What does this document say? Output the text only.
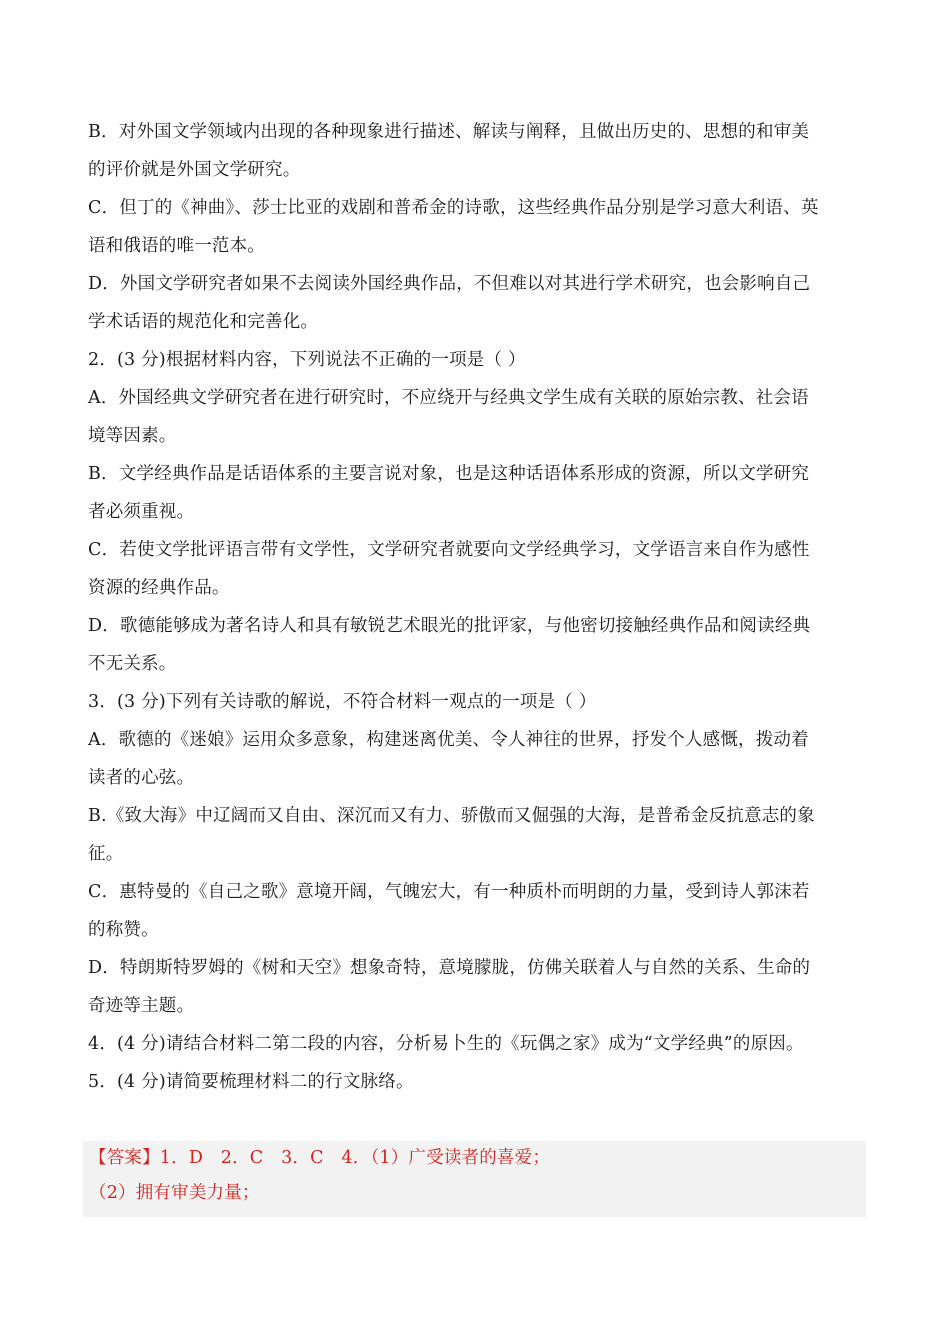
B．对外国文学领域内出现的各种现象进行描述、解读与阐释，且做出历史的、思想的和审美
的评价就是外国文学研究。
C．但丁的《神曲》、莎士比亚的戏剧和普希金的诗歌，这些经典作品分别是学习意大利语、英
语和俄语的唯一范本。
D．外国文学研究者如果不去阅读外国经典作品，不但难以对其进行学术研究，也会影响自己
学术话语的规范化和完善化。
2．(3 分)根据材料内容，下列说法不正确的一项是（ ）
A．外国经典文学研究者在进行研究时，不应绕开与经典文学生成有关联的原始宗教、社会语
境等因素。
B．文学经典作品是话语体系的主要言说对象，也是这种话语体系形成的资源，所以文学研究
者必须重视。
C．若使文学批评语言带有文学性，文学研究者就要向文学经典学习，文学语言来自作为感性
资源的经典作品。
D．歌德能够成为著名诗人和具有敏锐艺术眼光的批评家，与他密切接触经典作品和阅读经典
不无关系。
3．(3 分)下列有关诗歌的解说，不符合材料一观点的一项是（ ）
A．歌德的《迷娘》运用众多意象，构建迷离优美、令人神往的世界，抒发个人感慨，拨动着
读者的心弦。
B.《致大海》中辽阔而又自由、深沉而又有力、骄傲而又倔强的大海，是普希金反抗意志的象
征。
C．惠特曼的《自己之歌》意境开阔，气魄宏大，有一种质朴而明朗的力量，受到诗人郭沫若
的称赞。
D．特朗斯特罗姆的《树和天空》想象奇特，意境朦胧，仿佛关联着人与自然的关系、生命的
奇迹等主题。
4．(4 分)请结合材料二第二段的内容，分析易卜生的《玩偶之家》成为“文学经典”的原因。
5．(4 分)请简要梳理材料二的行文脉络。
【答案】1．D　2．C　3．C　4．（1）广受读者的喜爱；
（2）拥有审美力量；
